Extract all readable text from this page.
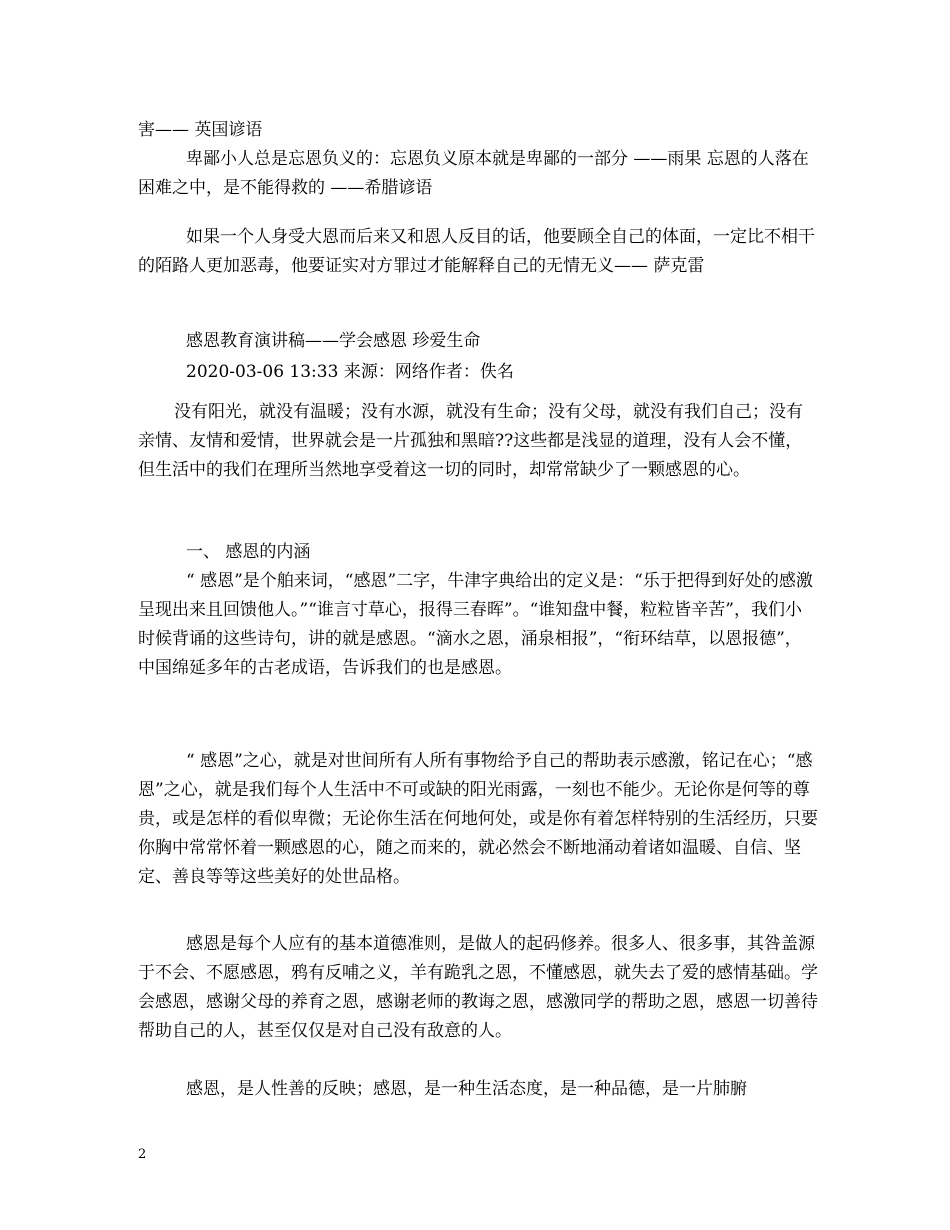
害—— 英国谚语

卑鄙小人总是忘恩负义的：忘恩负义原本就是卑鄙的一部分 ——雨果 忘恩的人落在困难之中，是不能得救的 ——希腊谚语

如果一个人身受大恩而后来又和恩人反目的话，他要顾全自己的体面，一定比不相干的陌路人更加恶毒，他要证实对方罪过才能解释自己的无情无义—— 萨克雷

感恩教育演讲稿——学会感恩 珍爱生命

2020-03-06 13:33 来源：网络作者：佚名

没有阳光，就没有温暖；没有水源，就没有生命；没有父母，就没有我们自己；没有亲情、友情和爱情，世界就会是一片孤独和黑暗??这些都是浅显的道理，没有人会不懂，但生活中的我们在理所当然地享受着这一切的同时，却常常缺少了一颗感恩的心。

一、 感恩的内涵

“ 感恩”是个舶来词，“感恩”二字，牛津字典给出的定义是：“乐于把得到好处的感激呈现出来且回馈他人。”“谁言寸草心，报得三春晖”。“谁知盘中餐，粒粒皆辛苦”，我们小时候背诵的这些诗句，讲的就是感恩。“滴水之恩，涌泉相报”，“衔环结草，以恩报德”，中国绵延多年的古老成语，告诉我们的也是感恩。

“ 感恩”之心，就是对世间所有人所有事物给予自己的帮助表示感激，铭记在心；“感恩”之心，就是我们每个人生活中不可或缺的阳光雨露，一刻也不能少。无论你是何等的尊贵，或是怎样的看似卑微；无论你生活在何地何处，或是你有着怎样特别的生活经历，只要你胸中常常怀着一颗感恩的心，随之而来的，就必然会不断地涌动着诸如温暖、自信、坚定、善良等等这些美好的处世品格。

感恩是每个人应有的基本道德准则，是做人的起码修养。很多人、很多事，其咎盖源于不会、不愿感恩，鸦有反哺之义，羊有跪乳之恩，不懂感恩，就失去了爱的感情基础。学会感恩，感谢父母的养育之恩，感谢老师的教诲之恩，感激同学的帮助之恩，感恩一切善待帮助自己的人，甚至仅仅是对自己没有敌意的人。

感恩，是人性善的反映；感恩，是一种生活态度，是一种品德，是一片肺腑

2
